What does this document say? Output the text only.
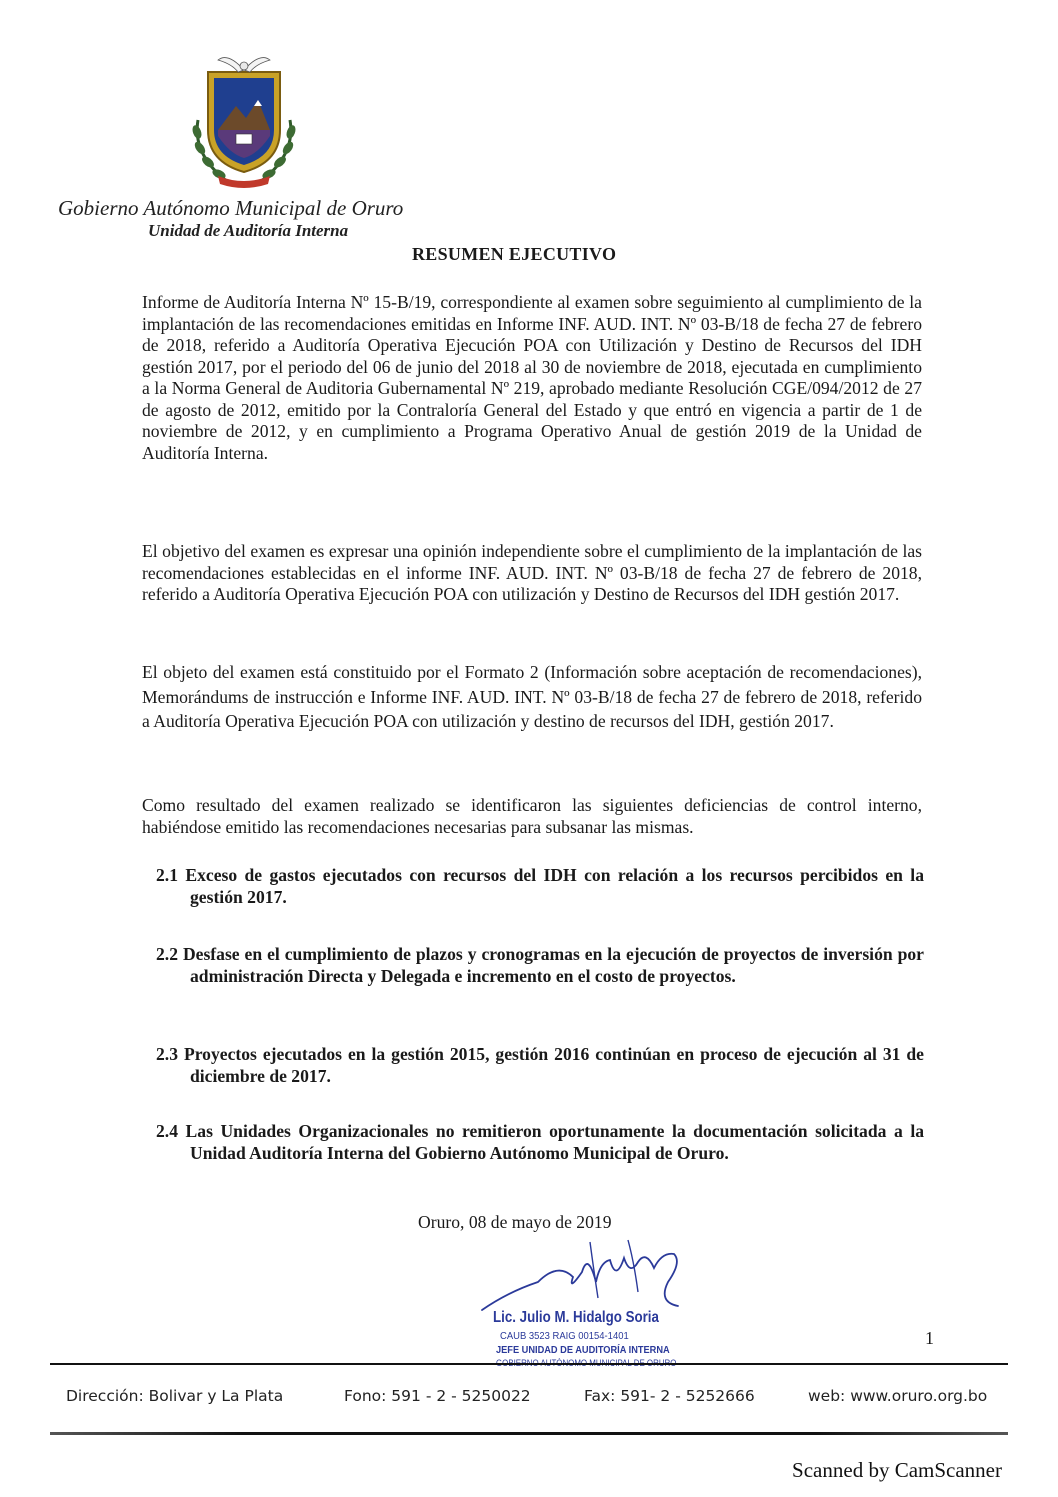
Gobierno Autónomo Municipal de Oruro
Unidad de Auditoría Interna
RESUMEN EJECUTIVO

Informe de Auditoría Interna Nº 15-B/19, correspondiente al examen sobre seguimiento al cumplimiento de la implantación de las recomendaciones emitidas en Informe INF. AUD. INT. Nº 03-B/18 de fecha 27 de febrero de 2018, referido a Auditoría Operativa Ejecución POA con Utilización y Destino de Recursos del IDH gestión 2017, por el periodo del 06 de junio del 2018 al 30 de noviembre de 2018, ejecutada en cumplimiento a la Norma General de Auditoria Gubernamental Nº 219, aprobado mediante Resolución CGE/094/2012 de 27 de agosto de 2012, emitido por la Contraloría General del Estado y que entró en vigencia a partir de 1 de noviembre de 2012, y en cumplimiento a Programa Operativo Anual de gestión 2019 de la Unidad de Auditoría Interna.

El objetivo del examen es expresar una opinión independiente sobre el cumplimiento de la implantación de las recomendaciones establecidas en el informe INF. AUD. INT. Nº 03-B/18 de fecha 27 de febrero de 2018, referido a Auditoría Operativa Ejecución POA con utilización y Destino de Recursos del IDH gestión 2017.

El objeto del examen está constituido por el Formato 2 (Información sobre aceptación de recomendaciones), Memorándums de instrucción e Informe INF. AUD. INT. Nº 03-B/18 de fecha 27 de febrero de 2018, referido a Auditoría Operativa Ejecución POA con utilización y destino de recursos del IDH, gestión 2017.

Como resultado del examen realizado se identificaron las siguientes deficiencias de control interno, habiéndose emitido las recomendaciones necesarias para subsanar las mismas.

2.1 Exceso de gastos ejecutados con recursos del IDH con relación a los recursos percibidos en la gestión 2017.

2.2 Desfase en el cumplimiento de plazos y cronogramas en la ejecución de proyectos de inversión por administración Directa y Delegada e incremento en el costo de proyectos.

2.3 Proyectos ejecutados en la gestión 2015, gestión 2016 continúan en proceso de ejecución al 31 de diciembre de 2017.

2.4 Las Unidades Organizacionales no remitieron oportunamente la documentación solicitada a la Unidad Auditoría Interna del Gobierno Autónomo Municipal de Oruro.

Oruro, 08 de mayo de 2019
Lic. Julio M. Hidalgo Soria
CAUB 3523 RAIG 00154-1401
JEFE UNIDAD DE AUDITORÍA INTERNA
1
Dirección: Bolivar y La Plata	Fono: 591 - 2 - 5250022	Fax: 591- 2 - 5252666	web: www.oruro.org.bo
Scanned by CamScanner
